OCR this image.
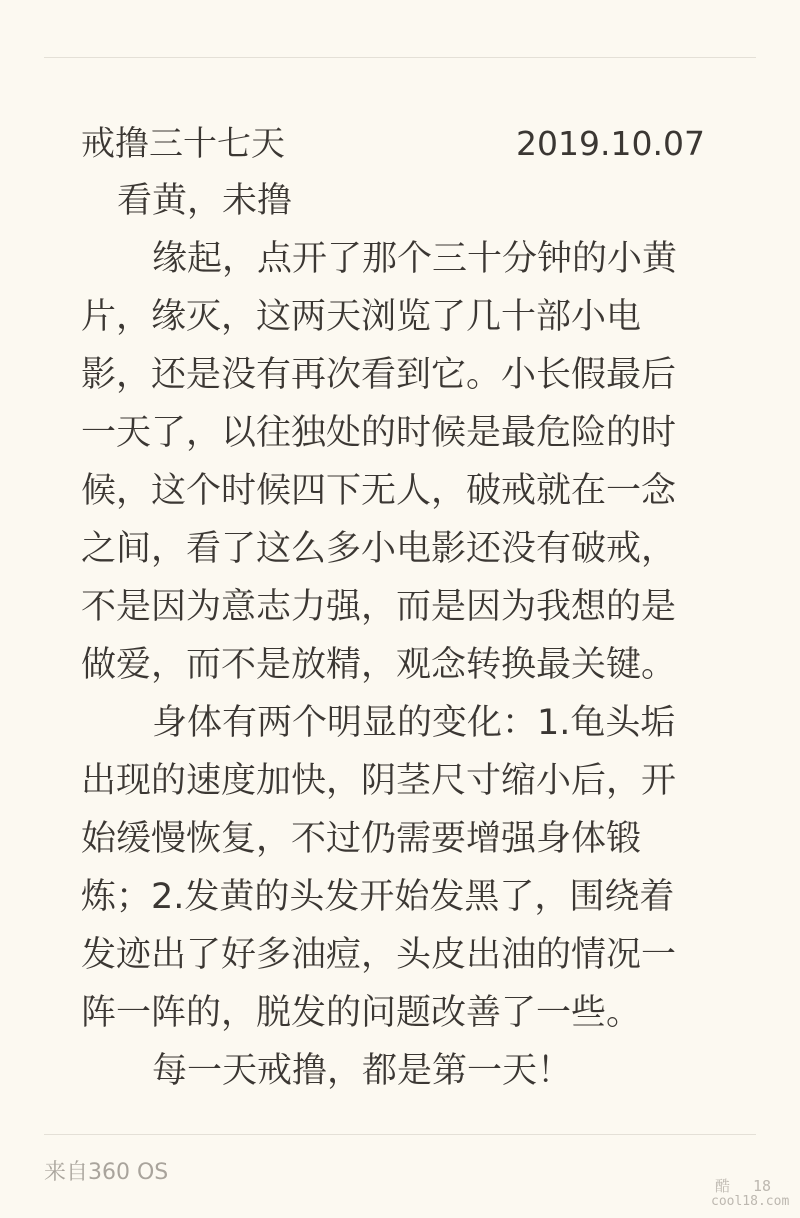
戒撸三十七天	2019.10.07
看黄，未撸
缘起，点开了那个三十分钟的小黄
片，缘灭，这两天浏览了几十部小电
影，还是没有再次看到它。小长假最后
一天了，以往独处的时候是最危险的时
候，这个时候四下无人，破戒就在一念
之间，看了这么多小电影还没有破戒，
不是因为意志力强，而是因为我想的是
做爱，而不是放精，观念转换最关键。
身体有两个明显的变化：1.龟头垢
出现的速度加快，阴茎尺寸缩小后，开
始缓慢恢复，不过仍需要增强身体锻
炼；2.发黄的头发开始发黑了，围绕着
发迹出了好多油痘，头皮出油的情况一
阵一阵的，脱发的问题改善了一些。
每一天戒撸，都是第一天！
来自360 OS
酷 18
cool18.com
